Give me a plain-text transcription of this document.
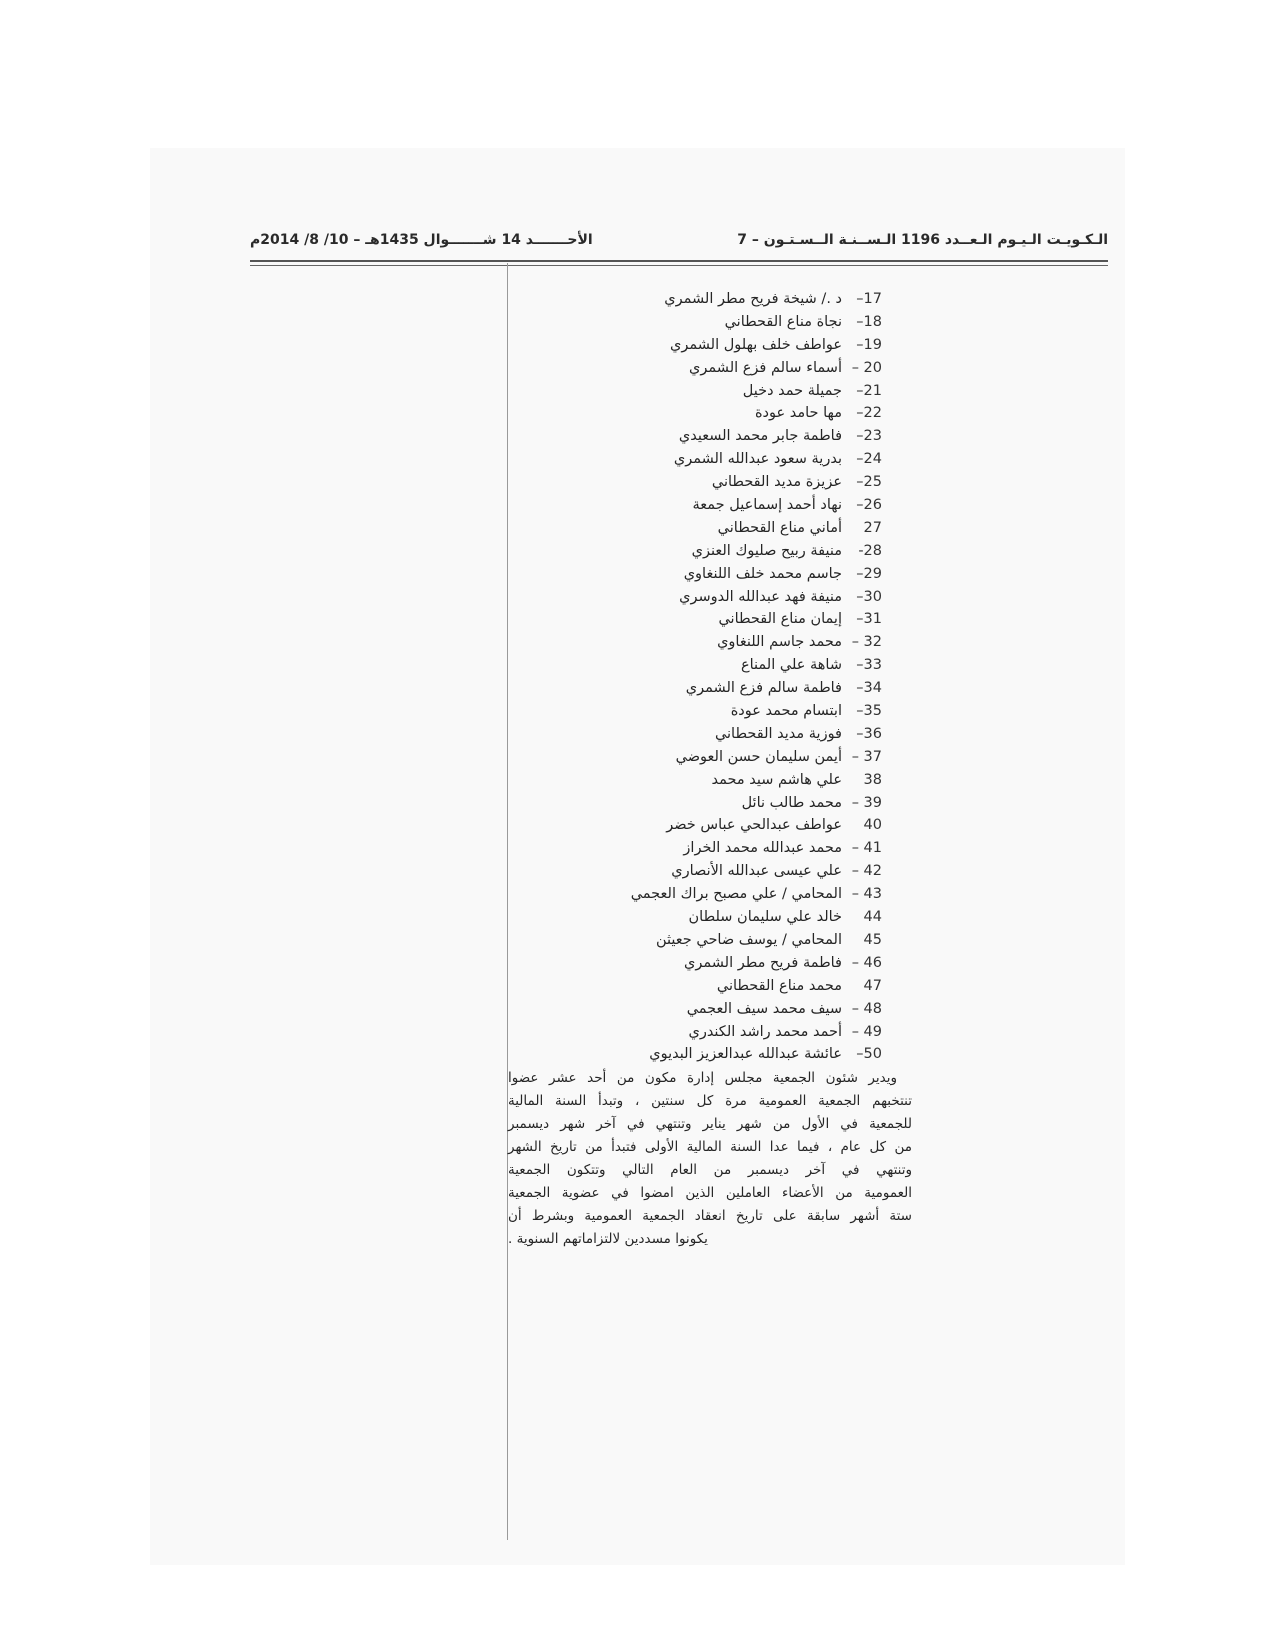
الـكـويـت الـيـوم الـعــدد 1196 الـســنـة الــسـتـون – 7
الأحـــــــد 14 شـــــــوال 1435هـ – 10/ 8/ 2014م
17–
د ./ شيخة فريح مطر الشمري
18–
نجاة مناع القحطاني
19–
عواطف خلف بهلول الشمري
20 –
أسماء سالم فزع الشمري
21–
جميلة حمد دخيل
22–
مها حامد عودة
23–
فاطمة جابر محمد السعيدي
24–
بدرية سعود عبدالله الشمري
25–
عزيزة مديد القحطاني
26–
نهاد أحمد إسماعيل جمعة
27
أماني مناع القحطاني
28-
منيفة ربيح صليوك العنزي
29–
جاسم محمد خلف اللنغاوي
30–
منيفة فهد عبدالله الدوسري
31–
إيمان مناع القحطاني
32 –
محمد جاسم اللنغاوي
33–
شاهة علي المناع
34–
فاطمة سالم فزع الشمري
35–
ابتسام محمد عودة
36–
فوزية مديد القحطاني
37 –
أيمن سليمان حسن العوضي
38
علي هاشم سيد محمد
39 –
محمد طالب نائل
40
عواطف عبدالحي عباس خضر
41 –
محمد عبدالله محمد الخراز
42 –
علي عيسى عبدالله الأنصاري
43 –
المحامي / علي مصبح براك العجمي
44
خالد علي سليمان سلطان
45
المحامي / يوسف ضاحي جعيثن
46 –
فاطمة فريح مطر الشمري
47
محمد مناع القحطاني
48 –
سيف محمد سيف العجمي
49 –
أحمد محمد راشد الكندري
50–
عائشة عبدالله عبدالعزيز البديوي
ويدير شئون الجمعية مجلس إدارة مكون من أحد عشر عضوا
تنتخبهم الجمعية العمومية مرة كل سنتين ، وتبدأ السنة المالية
للجمعية في الأول من شهر يناير وتنتهي في آخر شهر ديسمبر
من كل عام ، فيما عدا السنة المالية الأولى فتبدأ من تاريخ الشهر
وتنتهي في آخر ديسمبر من العام التالي وتتكون الجمعية
العمومية من الأعضاء العاملين الذين امضوا في عضوية الجمعية
ستة أشهر سابقة على تاريخ انعقاد الجمعية العمومية وبشرط أن
يكونوا مسددين لالتزاماتهم السنوية .
